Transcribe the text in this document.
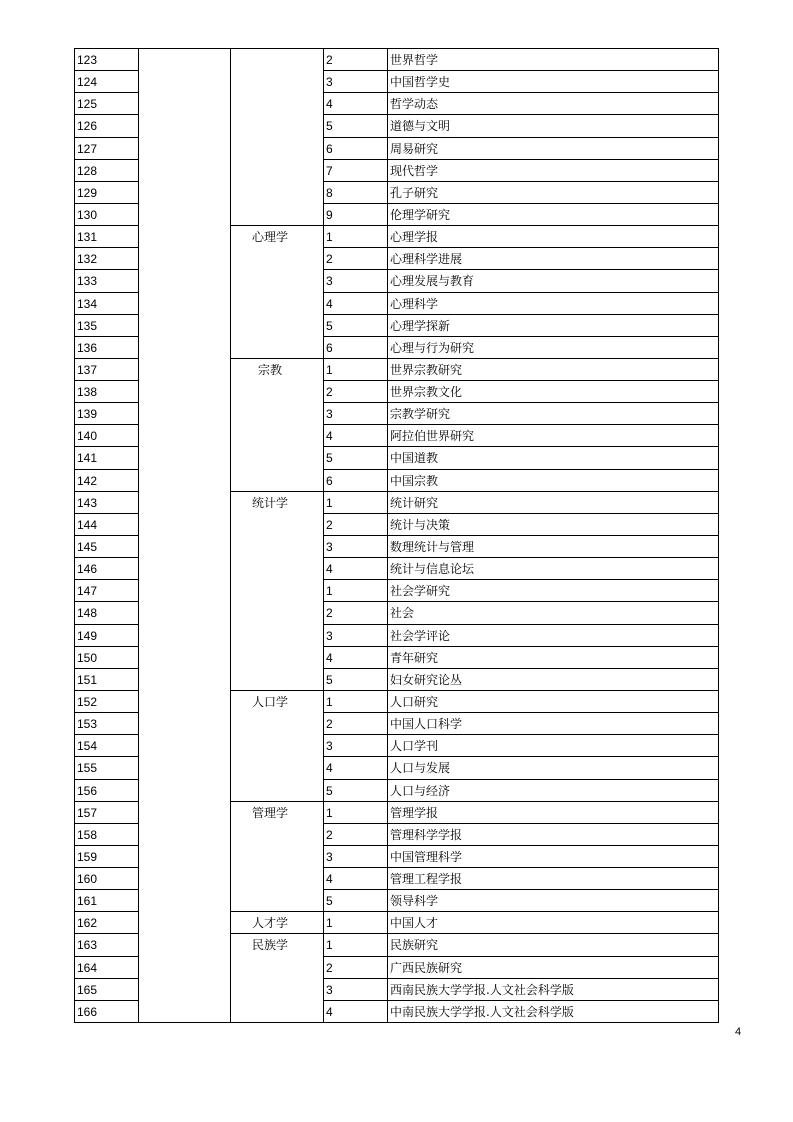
123	2	世界哲学
124	3	中国哲学史
125	4	哲学动态
126	5	道德与文明
127	6	周易研究
128	7	现代哲学
129	8	孔子研究
130	9	伦理学研究
131	心理学	1	心理学报
132	2	心理科学进展
133	3	心理发展与教育
134	4	心理科学
135	5	心理学探新
136	6	心理与行为研究
137	宗教	1	世界宗教研究
138	2	世界宗教文化
139	3	宗教学研究
140	4	阿拉伯世界研究
141	5	中国道教
142	6	中国宗教
143	统计学	1	统计研究
144	2	统计与决策
145	3	数理统计与管理
146	4	统计与信息论坛
147	1	社会学研究
148	2	社会
149	3	社会学评论
150	4	青年研究
151	5	妇女研究论丛
152	人口学	1	人口研究
153	2	中国人口科学
154	3	人口学刊
155	4	人口与发展
156	5	人口与经济
157	管理学	1	管理学报
158	2	管理科学学报
159	3	中国管理科学
160	4	管理工程学报
161	5	领导科学
162	人才学	1	中国人才
163	民族学	1	民族研究
164	2	广西民族研究
165	3	西南民族大学学报.人文社会科学版
166	4	中南民族大学学报.人文社会科学版
4
